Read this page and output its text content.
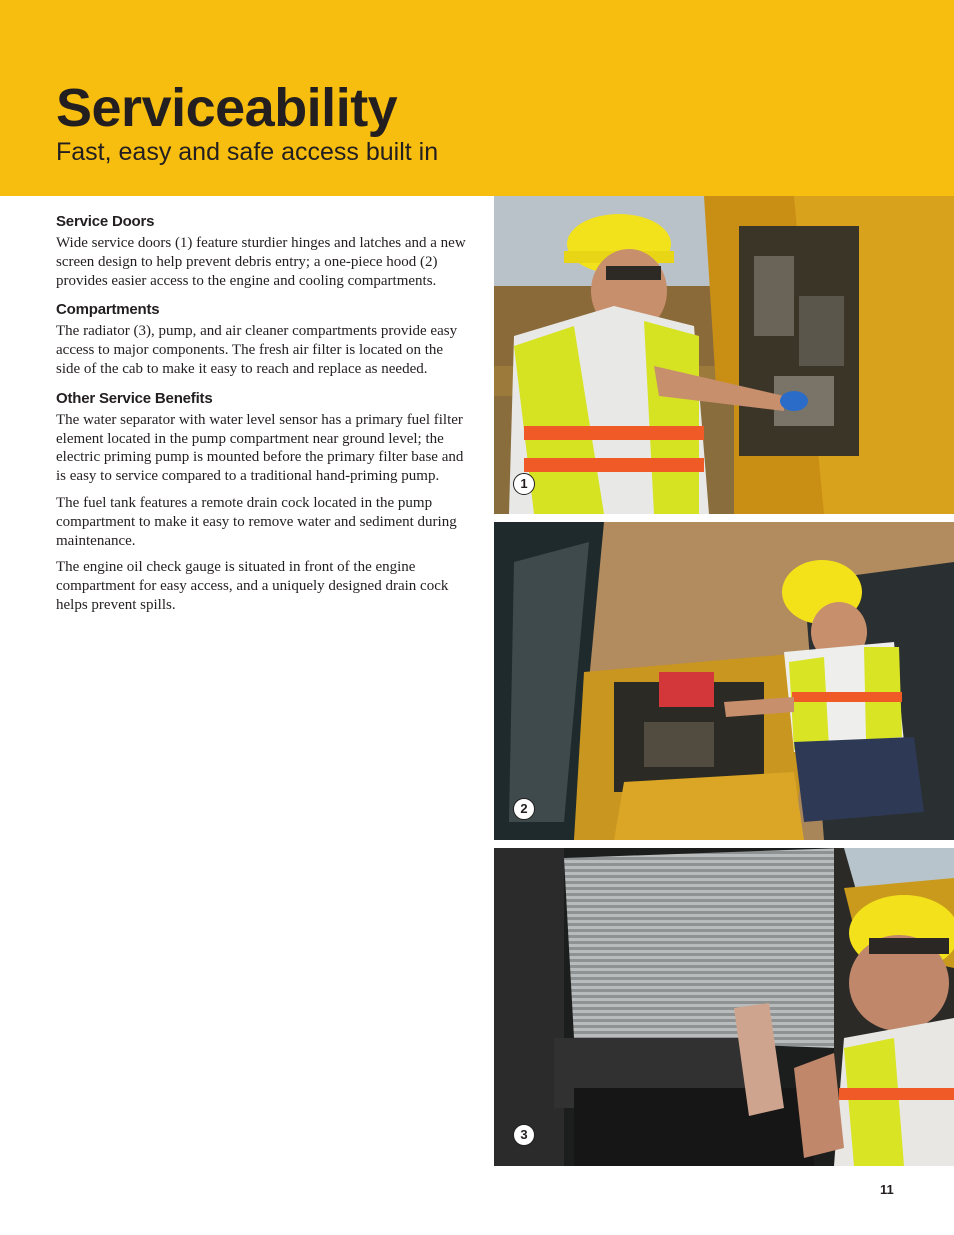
Serviceability
Fast, easy and safe access built in
Service Doors

Wide service doors (1) feature sturdier hinges and latches and a new screen design to help prevent debris entry; a one-piece hood (2) provides easier access to the engine and cooling compartments.

Compartments

The radiator (3), pump, and air cleaner compartments provide easy access to major components. The fresh air filter is located on the side of the cab to make it easy to reach and replace as needed.

Other Service Benefits

The water separator with water level sensor has a primary fuel filter element located in the pump compartment near ground level; the electric priming pump is mounted before the primary filter base and is easy to service compared to a traditional hand-priming pump.

The fuel tank features a remote drain cock located in the pump compartment to make it easy to remove water and sediment during maintenance.

The engine oil check gauge is situated in front of the engine compartment for easy access, and a uniquely designed drain cock helps prevent spills.

1
2
3
11
